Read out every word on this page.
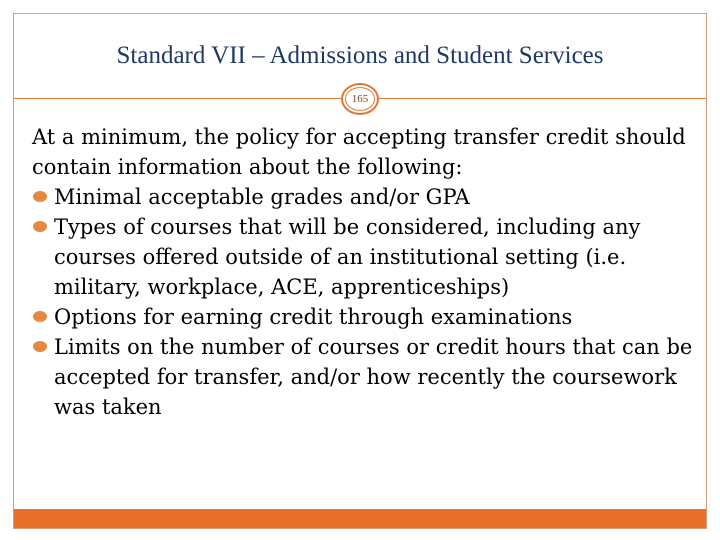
Standard VII – Admissions and Student Services
165

At a minimum, the policy for accepting transfer credit should contain information about the following:

Minimal acceptable grades and/or GPA
Types of courses that will be considered, including any courses offered outside of an institutional setting (i.e. military, workplace, ACE, apprenticeships)
Options for earning credit through examinations
Limits on the number of courses or credit hours that can be accepted for transfer, and/or how recently the coursework was taken
